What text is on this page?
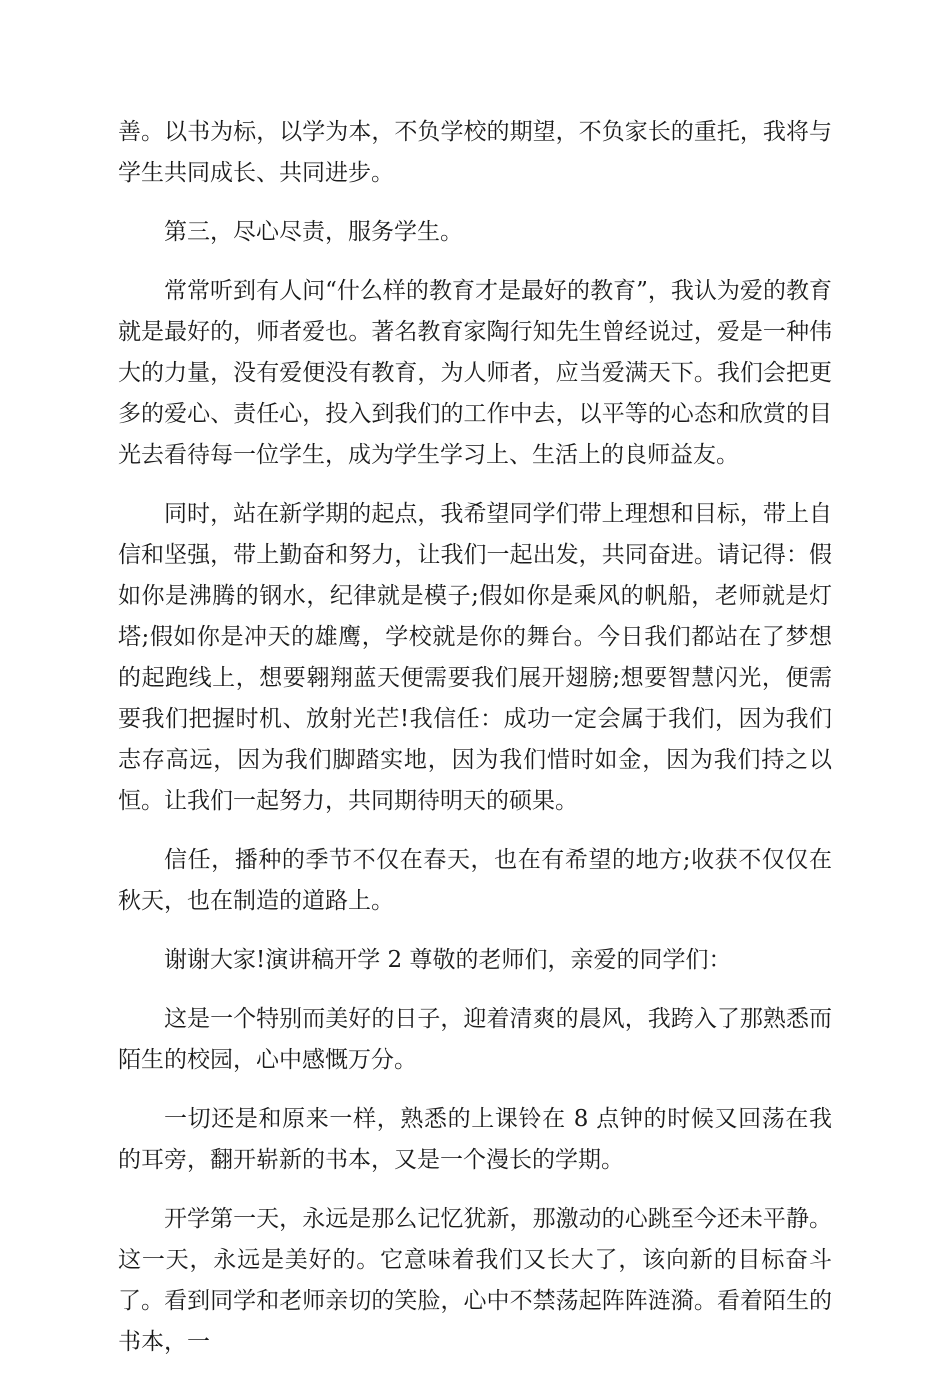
善。以书为标，以学为本，不负学校的期望，不负家长的重托，我将与学生共同成长、共同进步。

第三，尽心尽责，服务学生。

常常听到有人问“什么样的教育才是最好的教育”，我认为爱的教育就是最好的，师者爱也。著名教育家陶行知先生曾经说过，爱是一种伟大的力量，没有爱便没有教育，为人师者，应当爱满天下。我们会把更多的爱心、责任心，投入到我们的工作中去，以平等的心态和欣赏的目光去看待每一位学生，成为学生学习上、生活上的良师益友。

同时，站在新学期的起点，我希望同学们带上理想和目标，带上自信和坚强，带上勤奋和努力，让我们一起出发，共同奋进。请记得：假如你是沸腾的钢水，纪律就是模子;假如你是乘风的帆船，老师就是灯塔;假如你是冲天的雄鹰，学校就是你的舞台。今日我们都站在了梦想的起跑线上，想要翱翔蓝天便需要我们展开翅膀;想要智慧闪光，便需要我们把握时机、放射光芒!我信任：成功一定会属于我们，因为我们志存高远，因为我们脚踏实地，因为我们惜时如金，因为我们持之以恒。让我们一起努力，共同期待明天的硕果。

信任，播种的季节不仅在春天，也在有希望的地方;收获不仅仅在秋天，也在制造的道路上。

谢谢大家!演讲稿开学 2 尊敬的老师们，亲爱的同学们：

这是一个特别而美好的日子，迎着清爽的晨风，我跨入了那熟悉而陌生的校园，心中感慨万分。

一切还是和原来一样，熟悉的上课铃在 8 点钟的时候又回荡在我的耳旁，翻开崭新的书本，又是一个漫长的学期。

开学第一天，永远是那么记忆犹新，那激动的心跳至今还未平静。这一天，永远是美好的。它意味着我们又长大了，该向新的目标奋斗了。看到同学和老师亲切的笑脸，心中不禁荡起阵阵涟漪。看着陌生的书本，一
